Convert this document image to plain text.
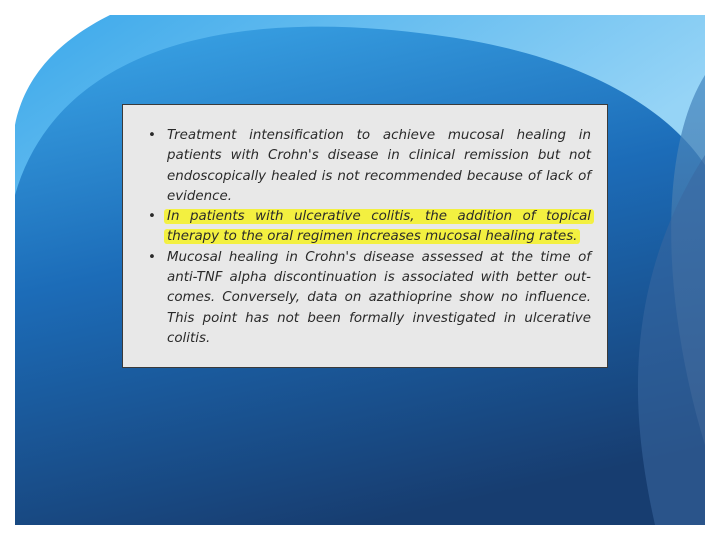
• Treatment intensification to achieve mucosal healing in patients with Crohn's disease in clinical remission but not endoscopically healed is not recommended because of lack of evidence.
• In patients with ulcerative colitis, the addition of topical therapy to the oral regimen increases mucosal healing rates.
• Mucosal healing in Crohn's disease assessed at the time of anti-TNF alpha discontinuation is associated with better out- comes. Conversely, data on azathioprine show no influence. This point has not been formally investigated in ulcerative colitis.
